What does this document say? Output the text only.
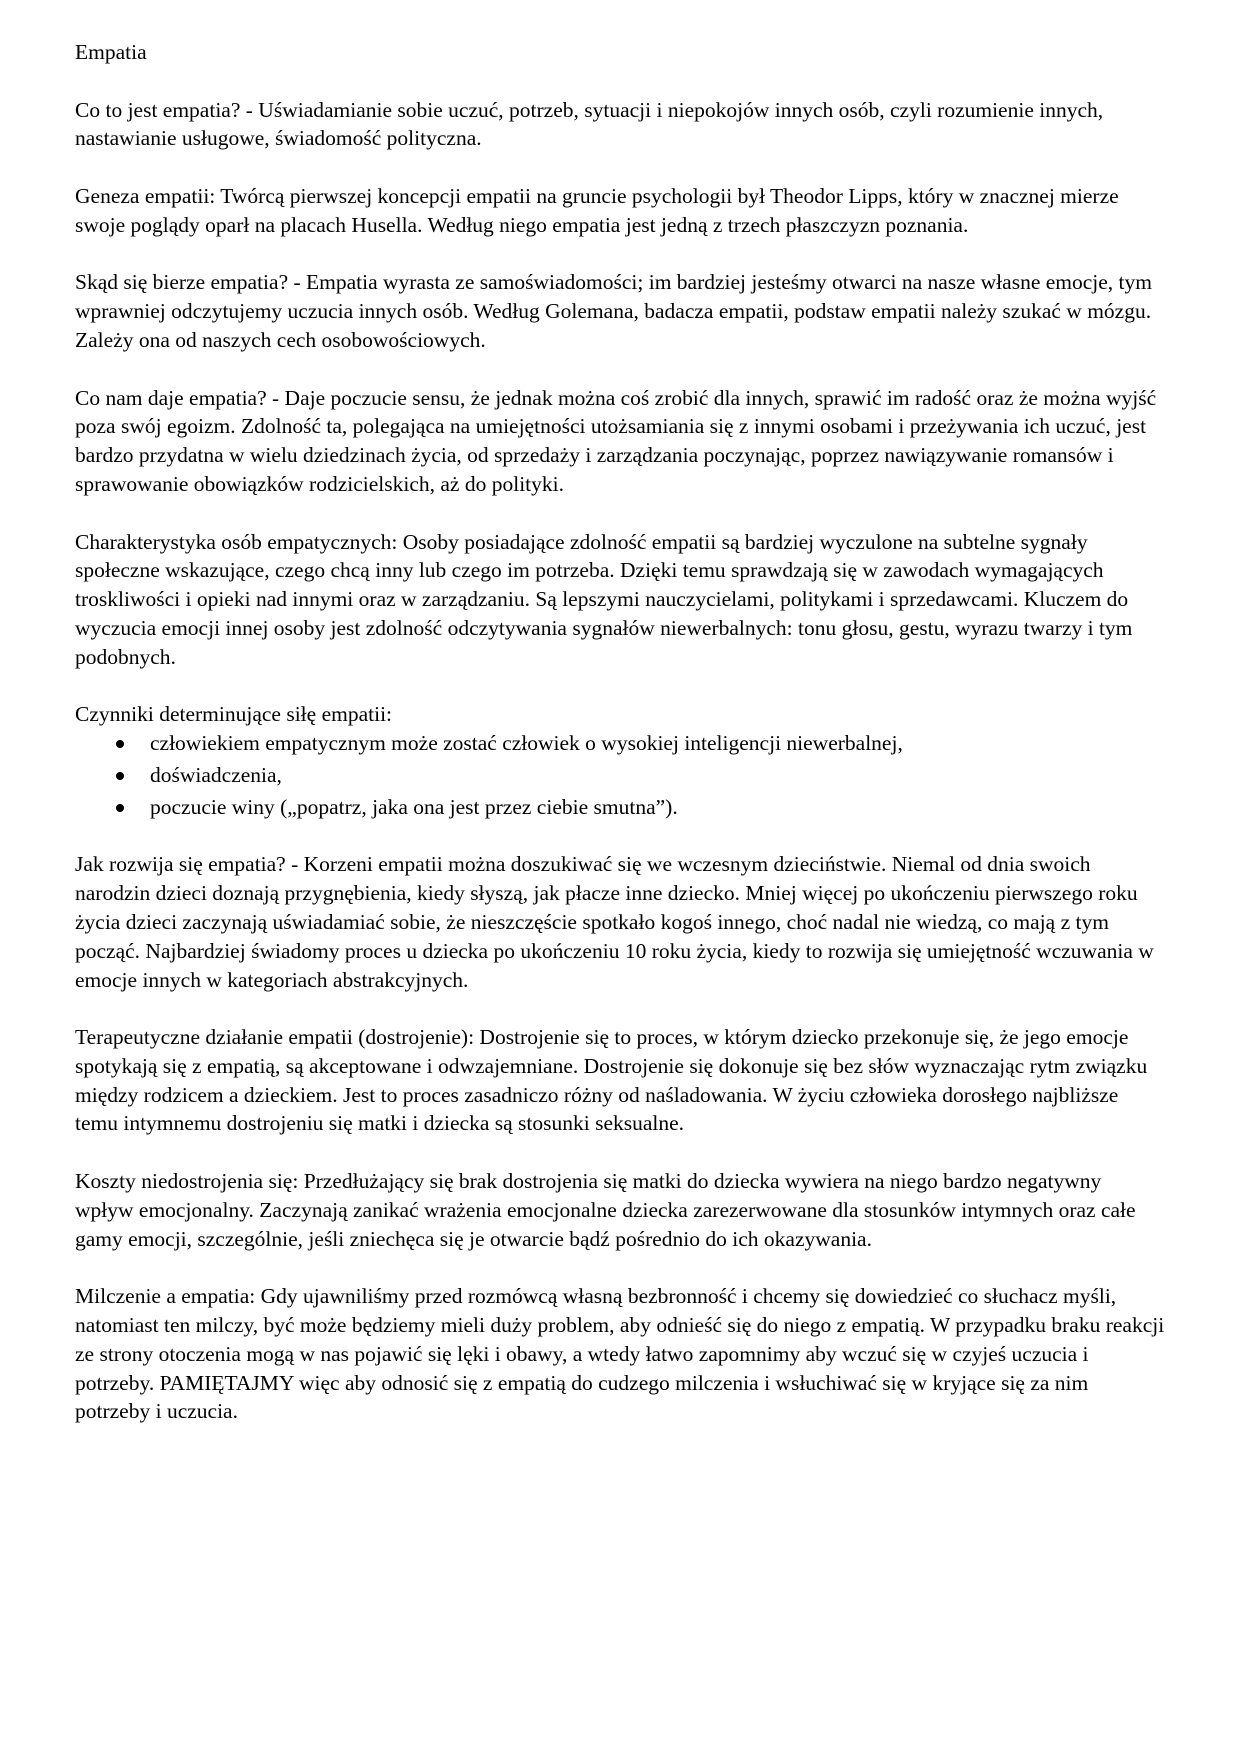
Empatia

Co to jest empatia? - Uświadamianie sobie uczuć, potrzeb, sytuacji i niepokojów innych osób, czyli rozumienie innych, nastawianie usługowe, świadomość polityczna.

Geneza empatii: Twórcą pierwszej koncepcji empatii na gruncie psychologii był Theodor Lipps, który w znacznej mierze swoje poglądy oparł na placach Husella. Według niego empatia jest jedną z trzech płaszczyzn poznania.

Skąd się bierze empatia? - Empatia wyrasta ze samoświadomości; im bardziej jesteśmy otwarci na nasze własne emocje, tym wprawniej odczytujemy uczucia innych osób. Według Golemana, badacza empatii, podstaw empatii należy szukać w mózgu. Zależy ona od naszych cech osobowościowych.

Co nam daje empatia? - Daje poczucie sensu, że jednak można coś zrobić dla innych, sprawić im radość oraz że można wyjść poza swój egoizm. Zdolność ta, polegająca na umiejętności utożsamiania się z innymi osobami i przeżywania ich uczuć, jest bardzo przydatna w wielu dziedzinach życia, od sprzedaży i zarządzania poczynając, poprzez nawiązywanie romansów i sprawowanie obowiązków rodzicielskich, aż do polityki.

Charakterystyka osób empatycznych: Osoby posiadające zdolność empatii są bardziej wyczulone na subtelne sygnały społeczne wskazujące, czego chcą inny lub czego im potrzeba. Dzięki temu sprawdzają się w zawodach wymagających troskliwości i opieki nad innymi oraz w zarządzaniu. Są lepszymi nauczycielami, politykami i sprzedawcami. Kluczem do wyczucia emocji innej osoby jest zdolność odczytywania sygnałów niewerbalnych: tonu głosu, gestu, wyrazu twarzy i tym podobnych.

Czynniki determinujące siłę empatii:
człowiekiem empatycznym może zostać człowiek o wysokiej inteligencji niewerbalnej,
doświadczenia,
poczucie winy („popatrz, jaka ona jest przez ciebie smutna”).

Jak rozwija się empatia? - Korzeni empatii można doszukiwać się we wczesnym dzieciństwie. Niemal od dnia swoich narodzin dzieci doznają przygnębienia, kiedy słyszą, jak płacze inne dziecko. Mniej więcej po ukończeniu pierwszego roku życia dzieci zaczynają uświadamiać sobie, że nieszczęście spotkało kogoś innego, choć nadal nie wiedzą, co mają z tym począć. Najbardziej świadomy proces u dziecka po ukończeniu 10 roku życia, kiedy to rozwija się umiejętność wczuwania w emocje innych w kategoriach abstrakcyjnych.

Terapeutyczne działanie empatii (dostrojenie): Dostrojenie się to proces, w którym dziecko przekonuje się, że jego emocje spotykają się z empatią, są akceptowane i odwzajemniane. Dostrojenie się dokonuje się bez słów wyznaczając rytm związku między rodzicem a dzieckiem. Jest to proces zasadniczo różny od naśladowania. W życiu człowieka dorosłego najbliższe temu intymnemu dostrojeniu się matki i dziecka są stosunki seksualne.

Koszty niedostrojenia się: Przedłużający się brak dostrojenia się matki do dziecka wywiera na niego bardzo negatywny wpływ emocjonalny. Zaczynają zanikać wrażenia emocjonalne dziecka zarezerwowane dla stosunków intymnych oraz całe gamy emocji, szczególnie, jeśli zniechęca się je otwarcie bądź pośrednio do ich okazywania.

Milczenie a empatia: Gdy ujawniliśmy przed rozmówcą własną bezbronność i chcemy się dowiedzieć co słuchacz myśli, natomiast ten milczy, być może będziemy mieli duży problem, aby odnieść się do niego z empatią. W przypadku braku reakcji ze strony otoczenia mogą w nas pojawić się lęki i obawy, a wtedy łatwo zapomnimy aby wczuć się w czyjeś uczucia i potrzeby. PAMIĘTAJMY więc aby odnosić się z empatią do cudzego milczenia i wsłuchiwać się w kryjące się za nim potrzeby i uczucia.
